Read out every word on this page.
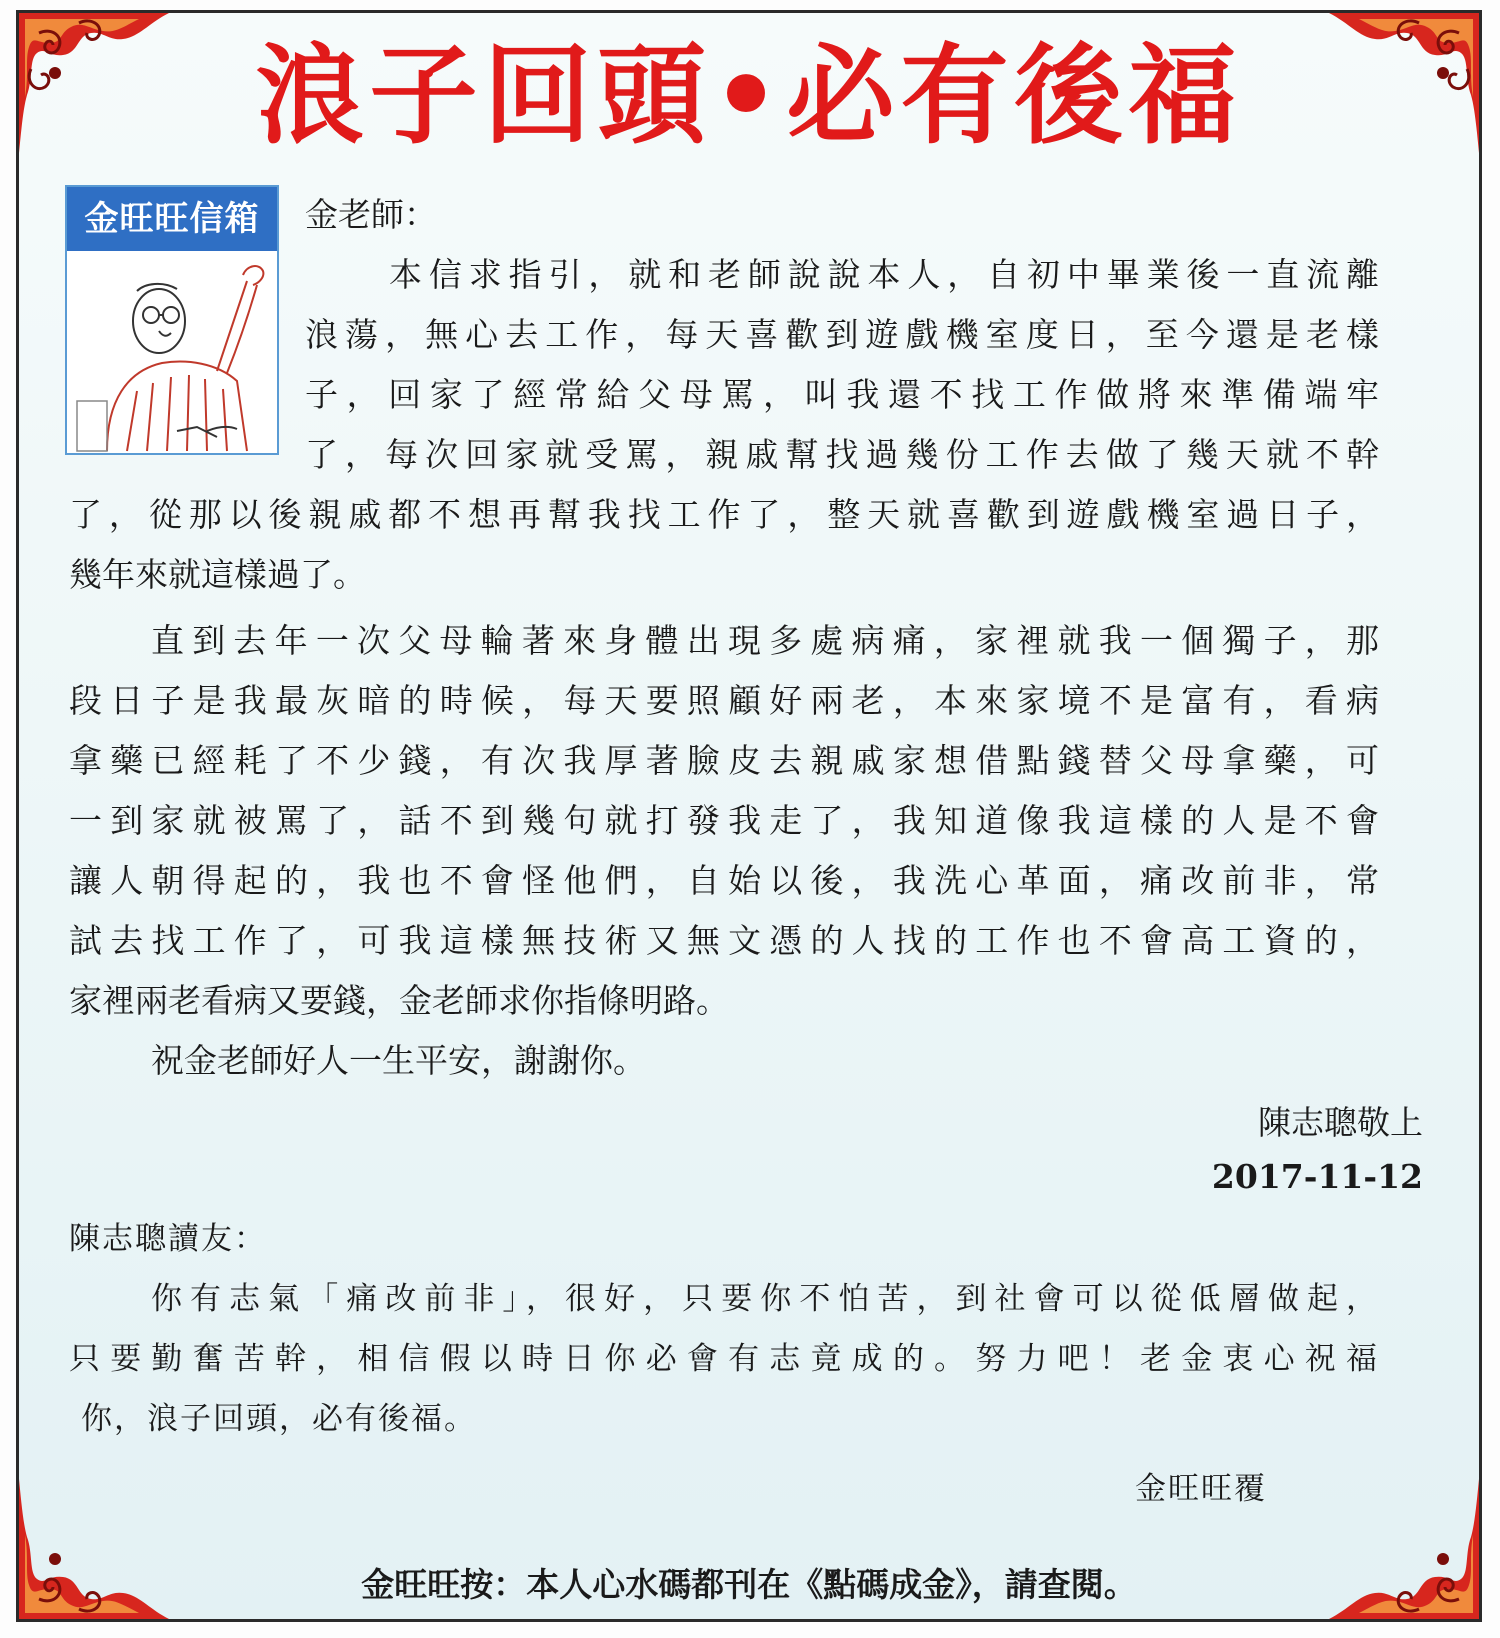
浪子回頭•必有後福
金旺旺信箱	金老師：
本信求指引，就和老師說說本人，自初中畢業後一直流離
浪蕩，無心去工作，每天喜歡到遊戲機室度日，至今還是老樣
子，回家了經常給父母罵，叫我還不找工作做將來準備端牢
了，每次回家就受罵，親戚幫找過幾份工作去做了幾天就不幹
了，從那以後親戚都不想再幫我找工作了，整天就喜歡到遊戲機室過日子，
幾年來就這樣過了。
直到去年一次父母輪著來身體出現多處病痛，家裡就我一個獨子，那
段日子是我最灰暗的時候，每天要照顧好兩老，本來家境不是富有，看病
拿藥已經耗了不少錢，有次我厚著臉皮去親戚家想借點錢替父母拿藥，可
一到家就被罵了，話不到幾句就打發我走了，我知道像我這樣的人是不會
讓人朝得起的，我也不會怪他們，自始以後，我洗心革面，痛改前非，常
試去找工作了，可我這樣無技術又無文憑的人找的工作也不會高工資的，
家裡兩老看病又要錢，金老師求你指條明路。
祝金老師好人一生平安，謝謝你。
陳志聰敬上
2017-11-12
陳志聰讀友：
你有志氣「痛改前非」，很好，只要你不怕苦，到社會可以從低層做起，
只要勤奮苦幹，相信假以時日你必會有志竟成的。努力吧！老金衷心祝福
你，浪子回頭，必有後福。
金旺旺覆
金旺旺按：本人心水碼都刊在《點碼成金》，請查閱。
